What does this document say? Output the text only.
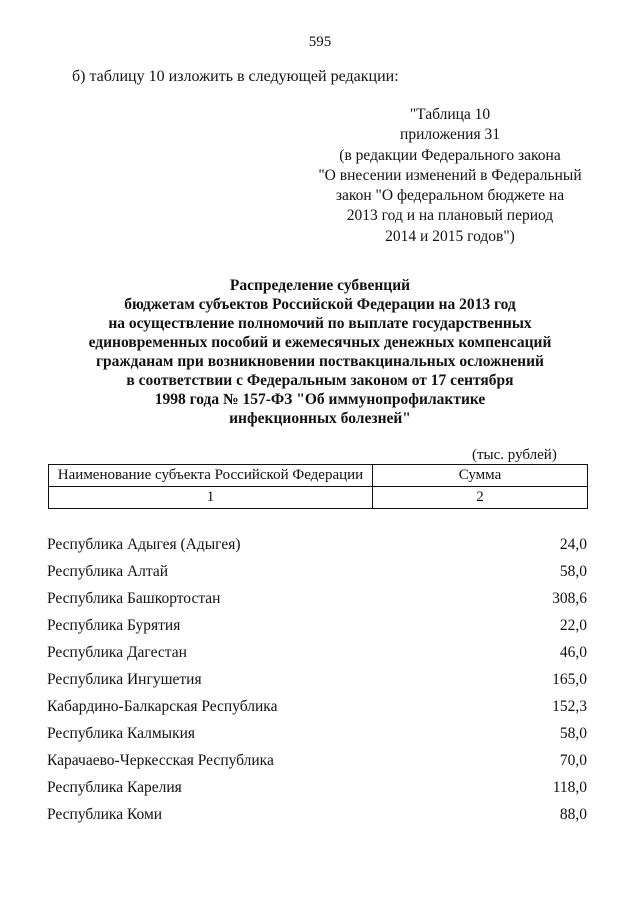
595
б) таблицу 10 изложить в следующей редакции:
"Таблица 10
приложения 31
(в редакции Федерального закона
"О внесении изменений в Федеральный
закон "О федеральном бюджете на
2013 год и на плановый период
2014 и 2015 годов")
Распределение субвенций
бюджетам субъектов Российской Федерации на 2013 год
на осуществление полномочий по выплате государственных
единовременных пособий и ежемесячных денежных компенсаций
гражданам при возникновении поствакцинальных осложнений
в соответствии с Федеральным законом от 17 сентября
1998 года № 157-ФЗ "Об иммунопрофилактике
инфекционных болезней"
(тыс. рублей)
Наименование субъекта Российской Федерации	Сумма
1	2
Республика Адыгея (Адыгея)	24,0
Республика Алтай	58,0
Республика Башкортостан	308,6
Республика Бурятия	22,0
Республика Дагестан	46,0
Республика Ингушетия	165,0
Кабардино-Балкарская Республика	152,3
Республика Калмыкия	58,0
Карачаево-Черкесская Республика	70,0
Республика Карелия	118,0
Республика Коми	88,0
